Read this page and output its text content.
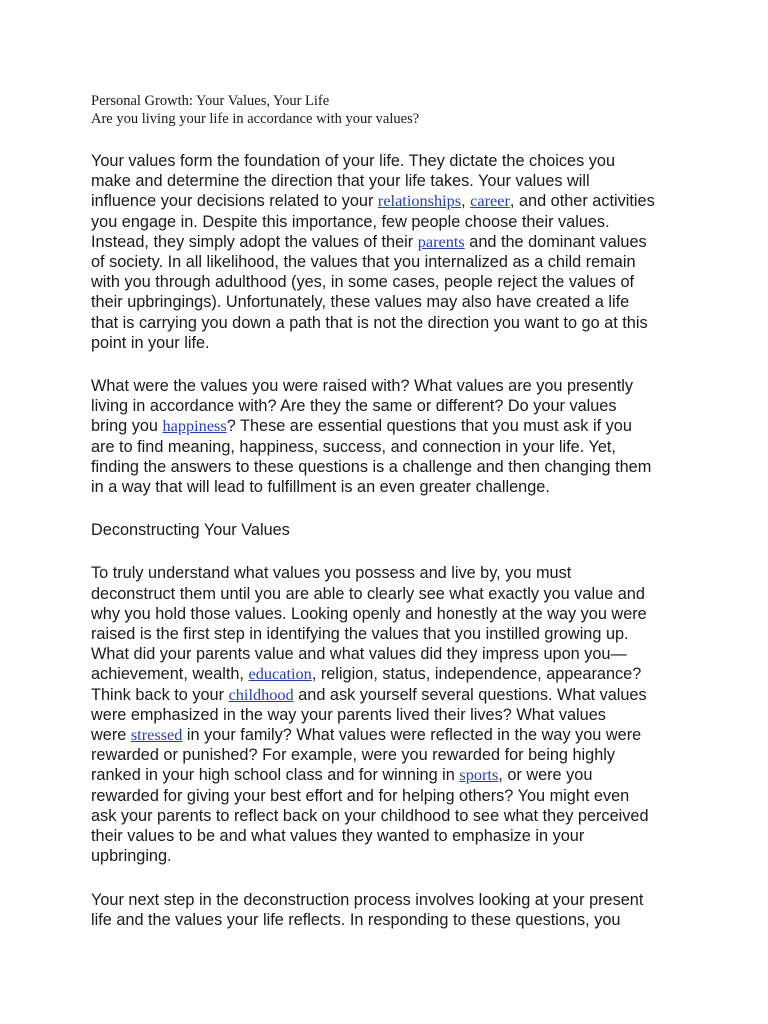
Personal Growth: Your Values, Your Life

Are you living your life in accordance with your values?

Your values form the foundation of your life. They dictate the choices you
make and determine the direction that your life takes. Your values will
influence your decisions related to your relationships, career, and other activities
you engage in. Despite this importance, few people choose their values.
Instead, they simply adopt the values of their parents and the dominant values
of society. In all likelihood, the values that you internalized as a child remain
with you through adulthood (yes, in some cases, people reject the values of
their upbringings). Unfortunately, these values may also have created a life
that is carrying you down a path that is not the direction you want to go at this
point in your life.
What were the values you were raised with? What values are you presently
living in accordance with? Are they the same or different? Do your values
bring you happiness? These are essential questions that you must ask if you
are to find meaning, happiness, success, and connection in your life. Yet,
finding the answers to these questions is a challenge and then changing them
in a way that will lead to fulfillment is an even greater challenge.
Deconstructing Your Values
To truly understand what values you possess and live by, you must
deconstruct them until you are able to clearly see what exactly you value and
why you hold those values. Looking openly and honestly at the way you were
raised is the first step in identifying the values that you instilled growing up.
What did your parents value and what values did they impress upon you—
achievement, wealth, education, religion, status, independence, appearance?
Think back to your childhood and ask yourself several questions. What values
were emphasized in the way your parents lived their lives? What values
were stressed in your family? What values were reflected in the way you were
rewarded or punished? For example, were you rewarded for being highly
ranked in your high school class and for winning in sports, or were you
rewarded for giving your best effort and for helping others? You might even
ask your parents to reflect back on your childhood to see what they perceived
their values to be and what values they wanted to emphasize in your
upbringing.
Your next step in the deconstruction process involves looking at your present
life and the values your life reflects. In responding to these questions, you
